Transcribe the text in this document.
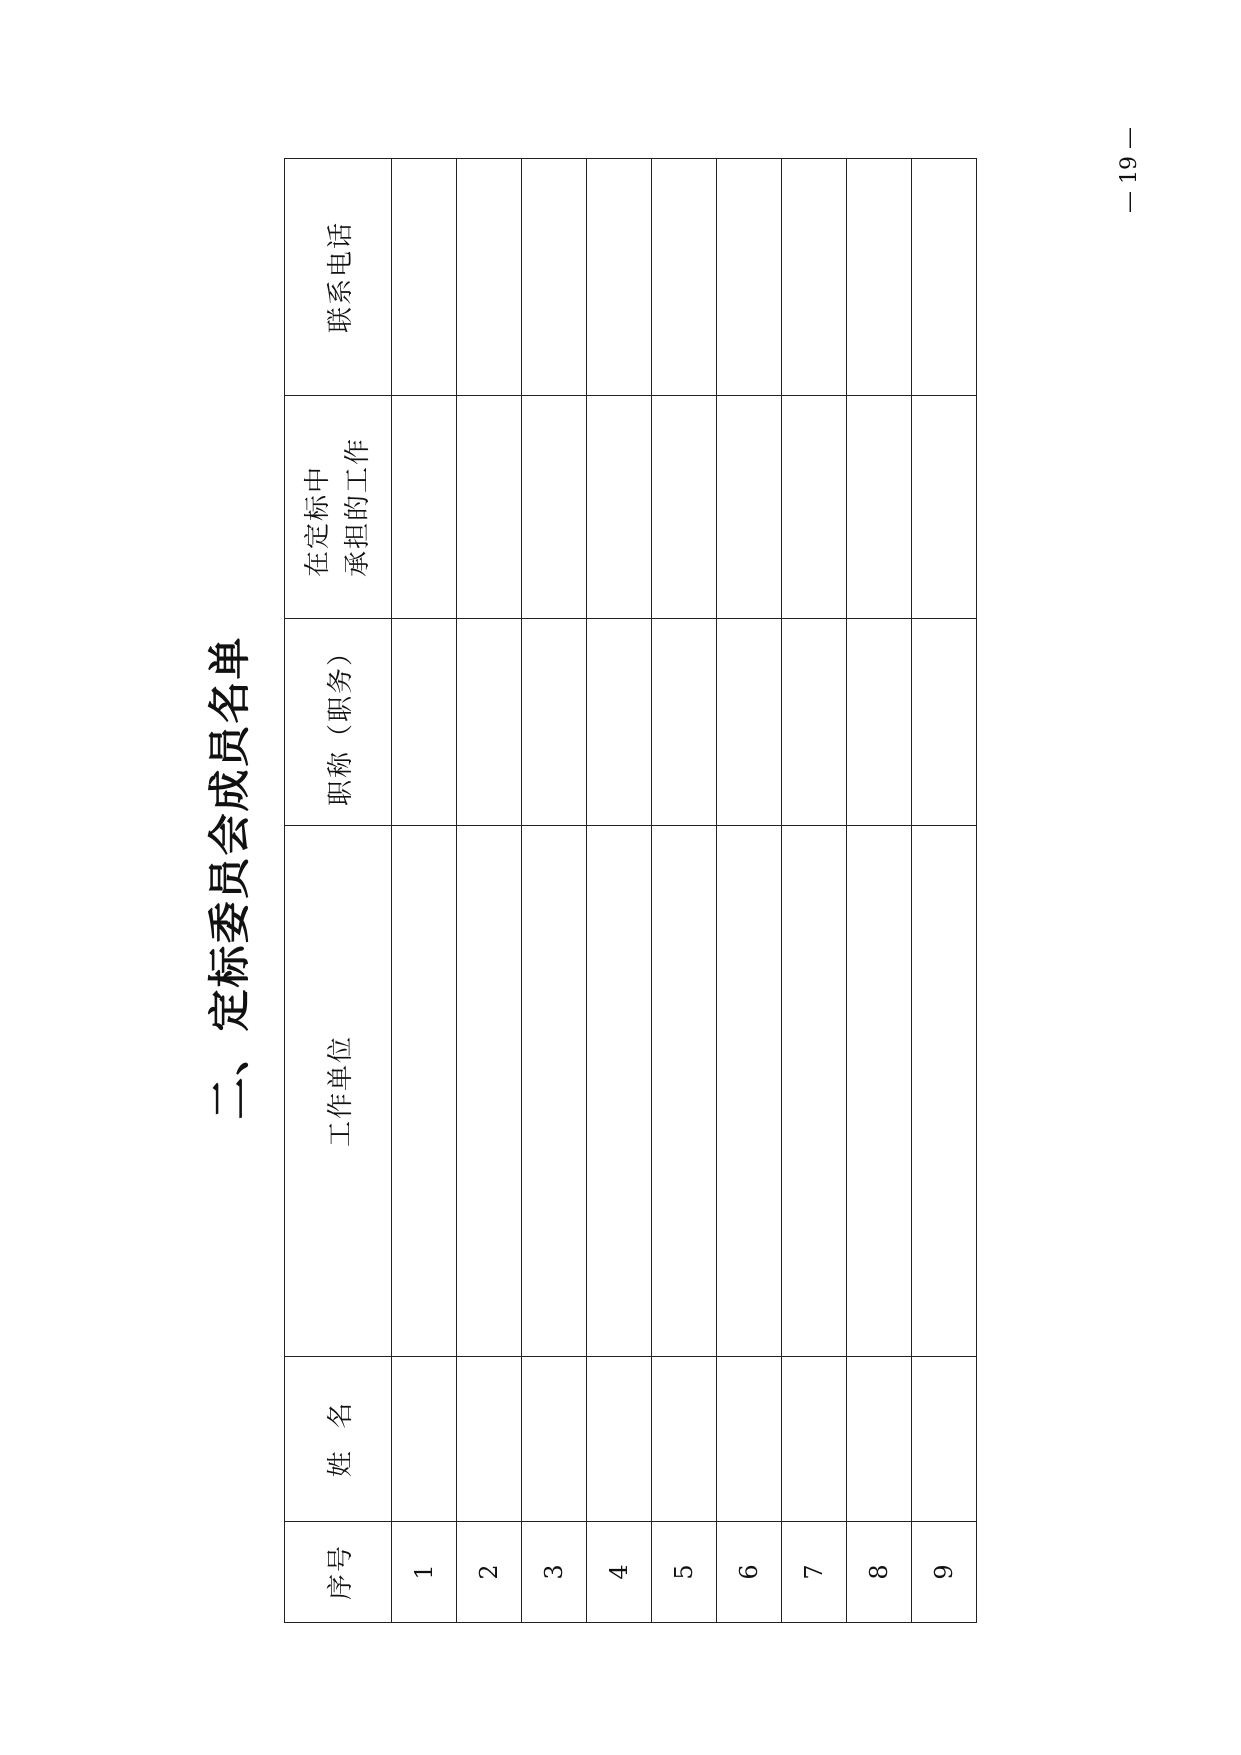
二、定标委员会成员名单
序号	姓  名	工作单位	职称（职务）	在定标中 承担的工作	联系电话
1					
2					
3					
4					
5					
6					
7					
8					
9					
— 19 —
